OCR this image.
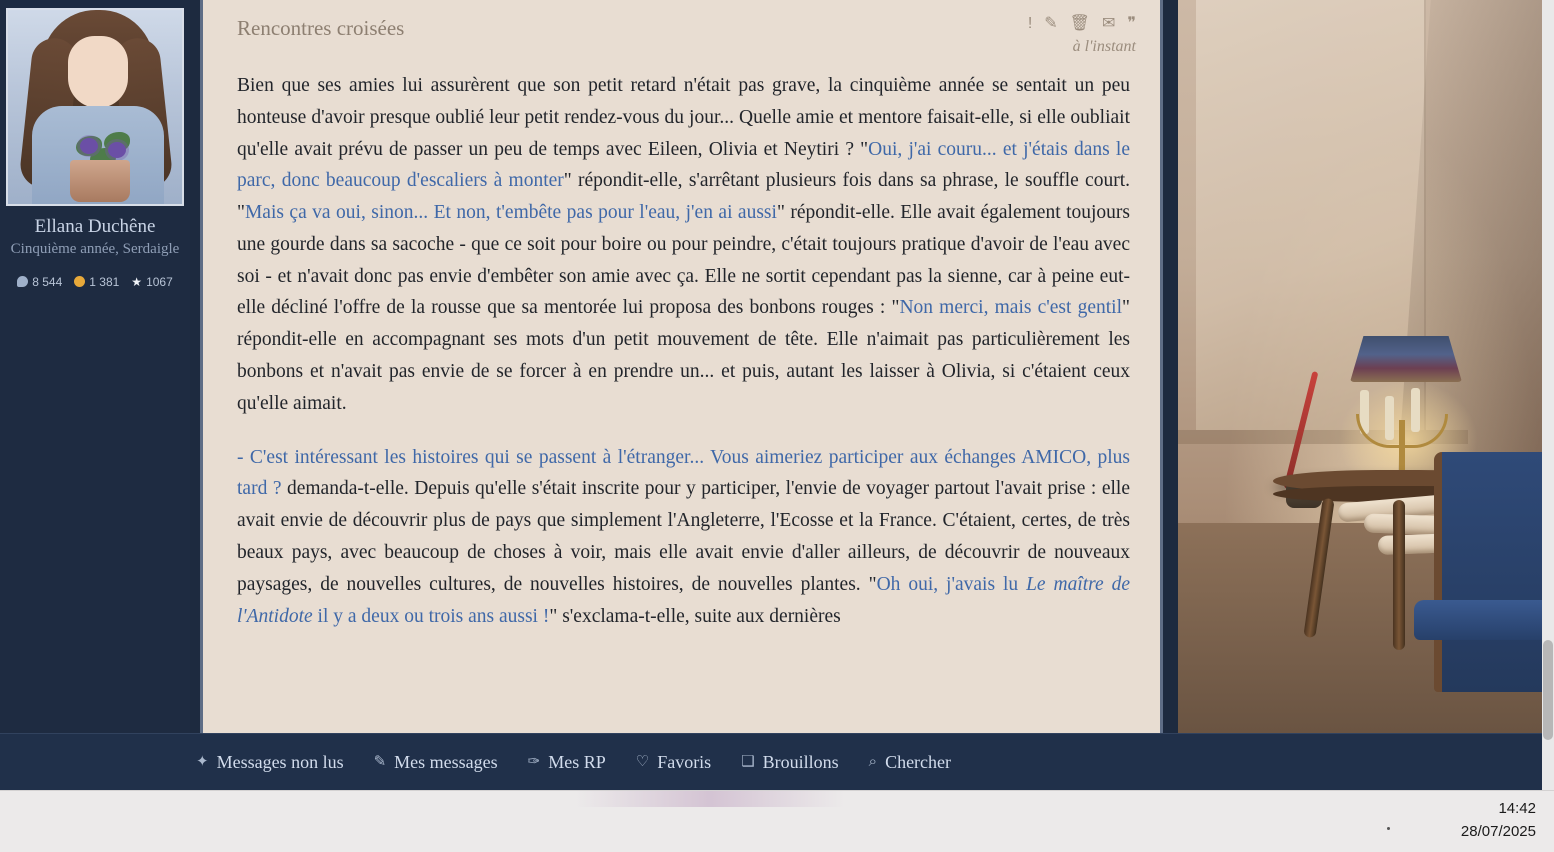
Ellana Duchêne
Cinquième année, Serdaigle
8 544 1 381 ★ 1067
Rencontres croisées	! ✎ 🗑 ✉ ❞
à l'instant

Bien que ses amies lui assurèrent que son petit retard n'était pas grave, la cinquième année se sentait un peu honteuse d'avoir presque oublié leur petit rendez-vous du jour... Quelle amie et mentore faisait-elle, si elle oubliait qu'elle avait prévu de passer un peu de temps avec Eileen, Olivia et Neytiri ? "Oui, j'ai couru... et j'étais dans le parc, donc beaucoup d'escaliers à monter" répondit-elle, s'arrêtant plusieurs fois dans sa phrase, le souffle court. "Mais ça va oui, sinon... Et non, t'embête pas pour l'eau, j'en ai aussi" répondit-elle. Elle avait également toujours une gourde dans sa sacoche - que ce soit pour boire ou pour peindre, c'était toujours pratique d'avoir de l'eau avec soi - et n'avait donc pas envie d'embêter son amie avec ça. Elle ne sortit cependant pas la sienne, car à peine eut-elle décliné l'offre de la rousse que sa mentorée lui proposa des bonbons rouges : "Non merci, mais c'est gentil" répondit-elle en accompagnant ses mots d'un petit mouvement de tête. Elle n'aimait pas particulièrement les bonbons et n'avait pas envie de se forcer à en prendre un... et puis, autant les laisser à Olivia, si c'étaient ceux qu'elle aimait.

- C'est intéressant les histoires qui se passent à l'étranger... Vous aimeriez participer aux échanges AMICO, plus tard ? demanda-t-elle. Depuis qu'elle s'était inscrite pour y participer, l'envie de voyager partout l'avait prise : elle avait envie de découvrir plus de pays que simplement l'Angleterre, l'Ecosse et la France. C'étaient, certes, de très beaux pays, avec beaucoup de choses à voir, mais elle avait envie d'aller ailleurs, de découvrir de nouveaux paysages, de nouvelles cultures, de nouvelles histoires, de nouvelles plantes. "Oh oui, j'avais lu Le maître de l'Antidote il y a deux ou trois ans aussi !" s'exclama-t-elle, suite aux dernières

✦ Messages non lus ✎ Mes messages ✑ Mes RP ♡ Favoris ❑ Brouillons ⌕ Chercher
14:42
28/07/2025
